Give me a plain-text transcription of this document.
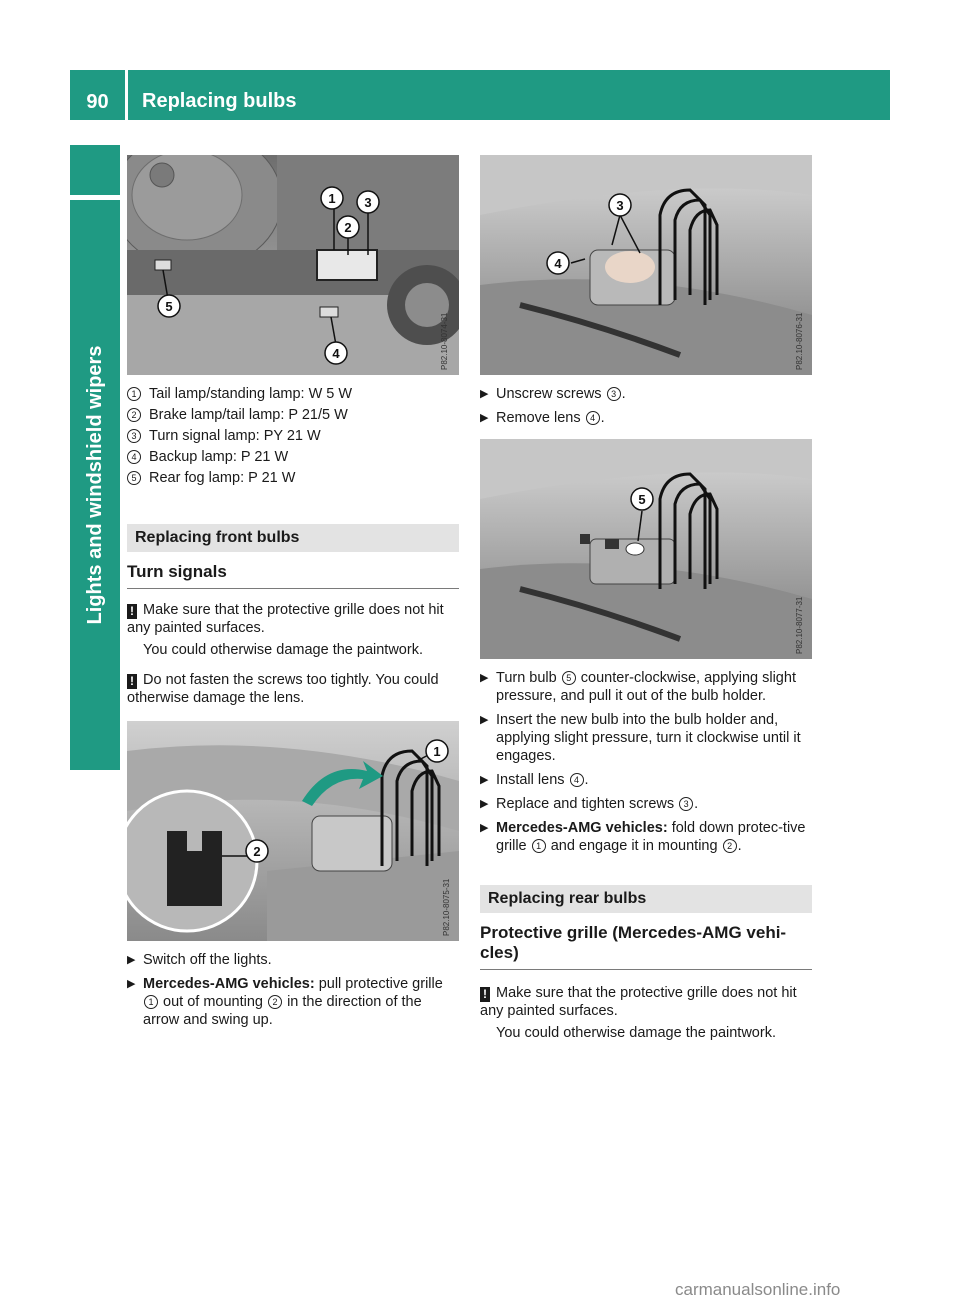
90	Replacing bulbs
Lights and windshield wipers
1
2
3
4
5
P82.10-8074-31
1 Tail lamp/standing lamp: W 5 W
2 Brake lamp/tail lamp: P 21/5 W
3 Turn signal lamp: PY 21 W
4 Backup lamp: P 21 W
5 Rear fog lamp: P 21 W
Replacing front bulbs
Turn signals

! Make sure that the protective grille does not hit any painted surfaces.

You could otherwise damage the paintwork.

! Do not fasten the screws too tightly. You could otherwise damage the lens.

1
2
P82.10-8075-31
▶ Switch off the lights.
▶ Mercedes-AMG vehicles: pull protective grille 1 out of mounting 2 in the direction of the arrow and swing up.
3
4
P82.10-8076-31
▶ Unscrew screws 3 .
▶ Remove lens 4 .
5
P82.10-8077-31
▶ Turn bulb 5 counter-clockwise, applying slight pressure, and pull it out of the bulb holder.
▶ Insert the new bulb into the bulb holder and, applying slight pressure, turn it clockwise until it engages.
▶ Install lens 4 .
▶ Replace and tighten screws 3 .
▶ Mercedes-AMG vehicles: fold down protec-tive grille 1 and engage it in mounting 2 .
Replacing rear bulbs
Protective grille (Mercedes-AMG vehi-cles)

! Make sure that the protective grille does not hit any painted surfaces.

You could otherwise damage the paintwork.

carmanualsonline.info
